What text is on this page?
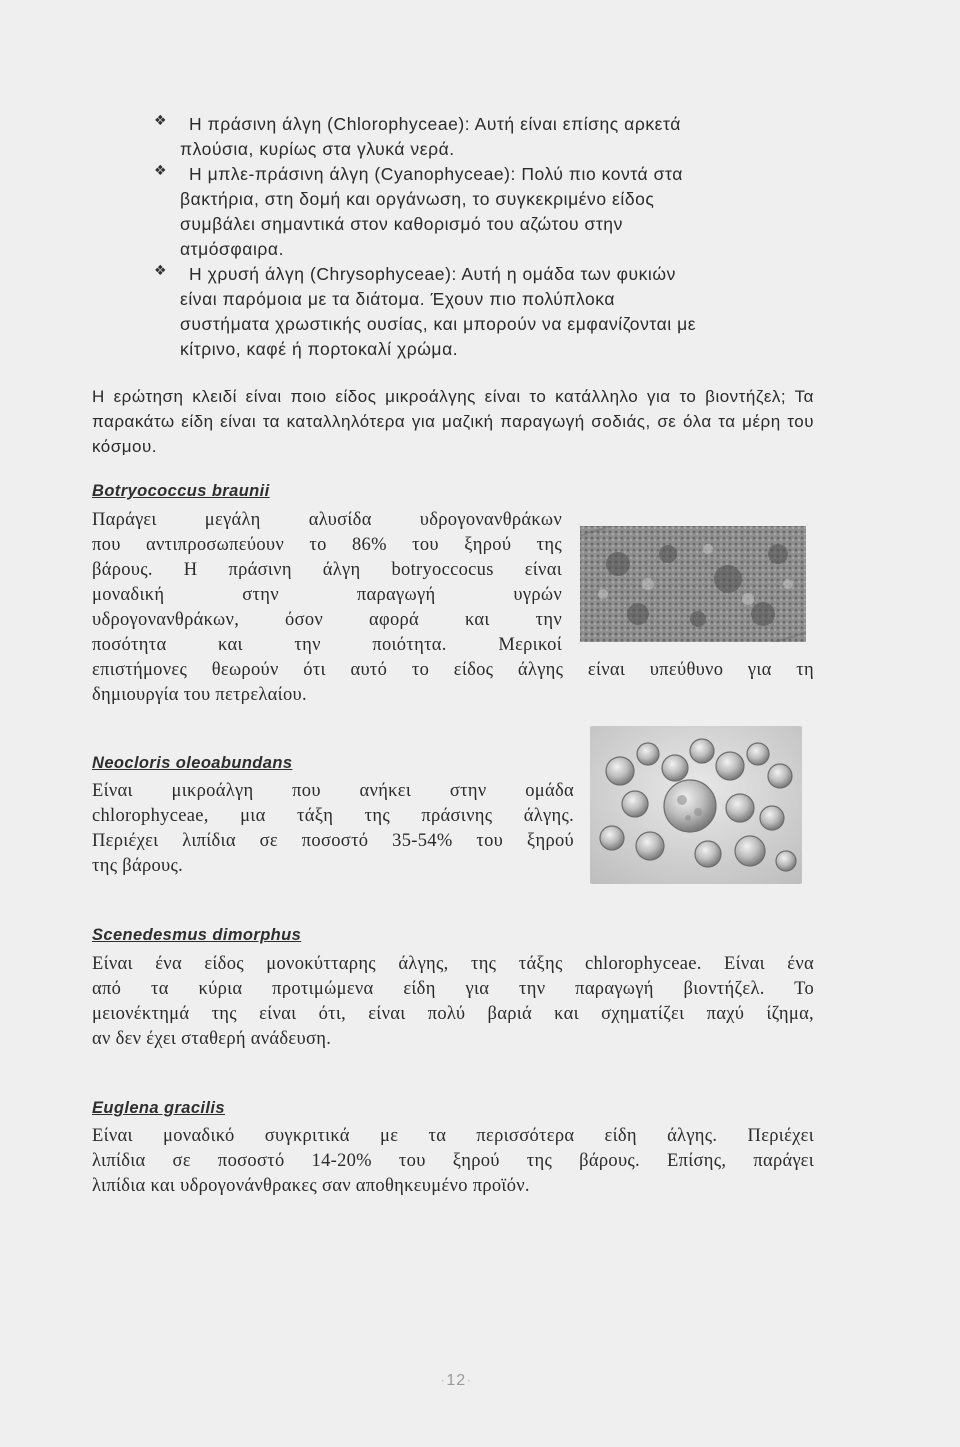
❖ Η πράσινη άλγη (Chlorophyceae): Αυτή είναι επίσης αρκετά
πλούσια, κυρίως στα γλυκά νερά.
❖ Η μπλε-πράσινη άλγη (Cyanophyceae): Πολύ πιο κοντά στα
βακτήρια, στη δομή και οργάνωση, το συγκεκριμένο είδος
συμβάλει σημαντικά στον καθορισμό του αζώτου στην
ατμόσφαιρα.
❖ Η χρυσή άλγη (Chrysophyceae): Αυτή η ομάδα των φυκιών
είναι παρόμοια με τα διάτομα. Έχουν πιο πολύπλοκα
συστήματα χρωστικής ουσίας, και μπορούν να εμφανίζονται με
κίτρινο, καφέ ή πορτοκαλί χρώμα.

Η ερώτηση κλειδί είναι ποιο είδος μικροάλγης είναι το κατάλληλο για το βιοντήζελ; Τα παρακάτω είδη είναι τα καταλληλότερα για μαζική παραγωγή σοδιάς, σε όλα τα μέρη του κόσμου.

Botryococcus braunii
Παράγει μεγάλη αλυσίδα υδρογονανθράκων
που αντιπροσωπεύουν το 86% του ξηρού της
βάρους. Η πράσινη άλγη botryoccocus είναι
μοναδική στην παραγωγή υγρών
υδρογονανθράκων, όσον αφορά και την
ποσότητα και την ποιότητα. Μερικοί
επιστήμονες θεωρούν ότι αυτό το είδος άλγης είναι υπεύθυνο για τη
δημιουργία του πετρελαίου.
Neocloris oleoabundans
Είναι μικροάλγη που ανήκει στην ομάδα
chlorophyceae, μια τάξη της πράσινης άλγης.
Περιέχει λιπίδια σε ποσοστό 35-54% του ξηρού
της βάρους.
Scenedesmus dimorphus
Είναι ένα είδος μονοκύτταρης άλγης, της τάξης chlorophyceae. Είναι ένα
από τα κύρια προτιμώμενα είδη για την παραγωγή βιοντήζελ. Το
μειονέκτημά της είναι ότι, είναι πολύ βαριά και σχηματίζει παχύ ίζημα,
αν δεν έχει σταθερή ανάδευση.
Euglena gracilis
Είναι μοναδικό συγκριτικά με τα περισσότερα είδη άλγης. Περιέχει
λιπίδια σε ποσοστό 14-20% του ξηρού της βάρους. Επίσης, παράγει
λιπίδια και υδρογονάνθρακες σαν αποθηκευμένο προϊόν.
·12·
